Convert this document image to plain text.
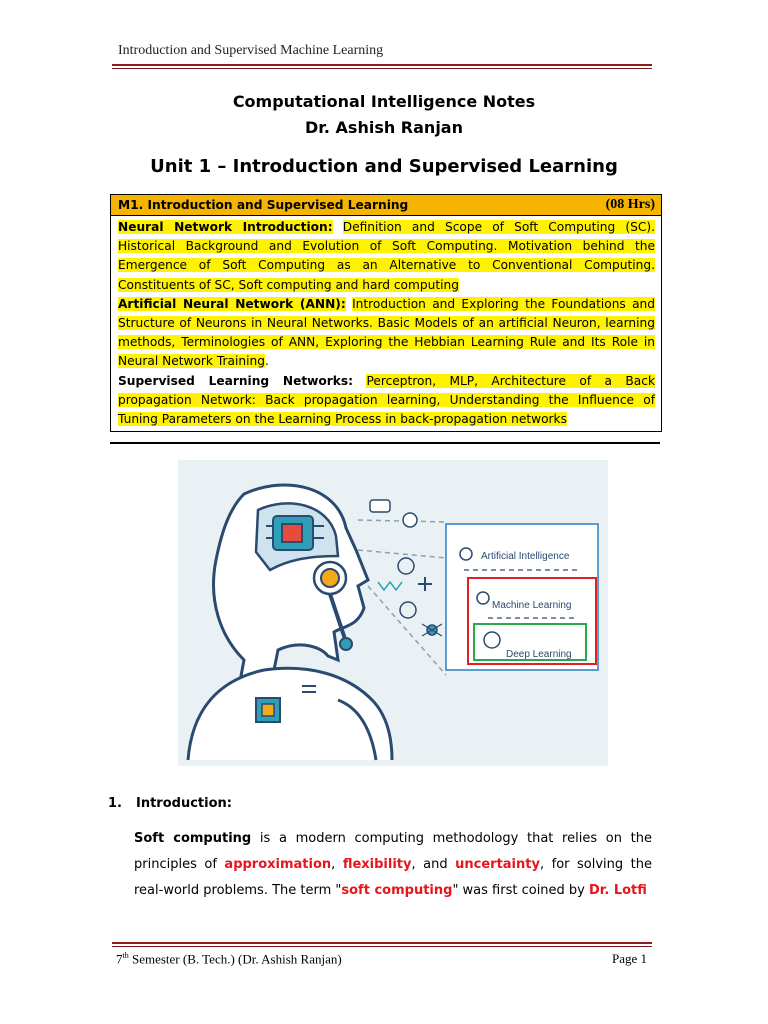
Introduction and Supervised Machine Learning
Computational Intelligence Notes
Dr. Ashish Ranjan
Unit 1 – Introduction and Supervised Learning
M1. Introduction and Supervised Learning	(08 Hrs)
Neural Network Introduction: Definition and Scope of Soft Computing (SC). Historical Background and Evolution of Soft Computing. Motivation behind the Emergence of Soft Computing as an Alternative to Conventional Computing. Constituents of SC, Soft computing and hard computing
Artificial Neural Network (ANN): Introduction and Exploring the Foundations and Structure of Neurons in Neural Networks. Basic Models of an artificial Neuron, learning methods, Terminologies of ANN, Exploring the Hebbian Learning Rule and Its Role in Neural Network Training.
Supervised Learning Networks: Perceptron, MLP, Architecture of a Back propagation Network: Back propagation learning, Understanding the Influence of Tuning Parameters on the Learning Process in back-propagation networks
Artificial Intelligence
Machine Learning
Deep Learning
1. Introduction:
Soft computing is a modern computing methodology that relies on the principles of approximation, flexibility, and uncertainty, for solving the real-world problems. The term "soft computing" was first coined by Dr. Lotfi
7th Semester (B. Tech.) (Dr. Ashish Ranjan)	Page 1
